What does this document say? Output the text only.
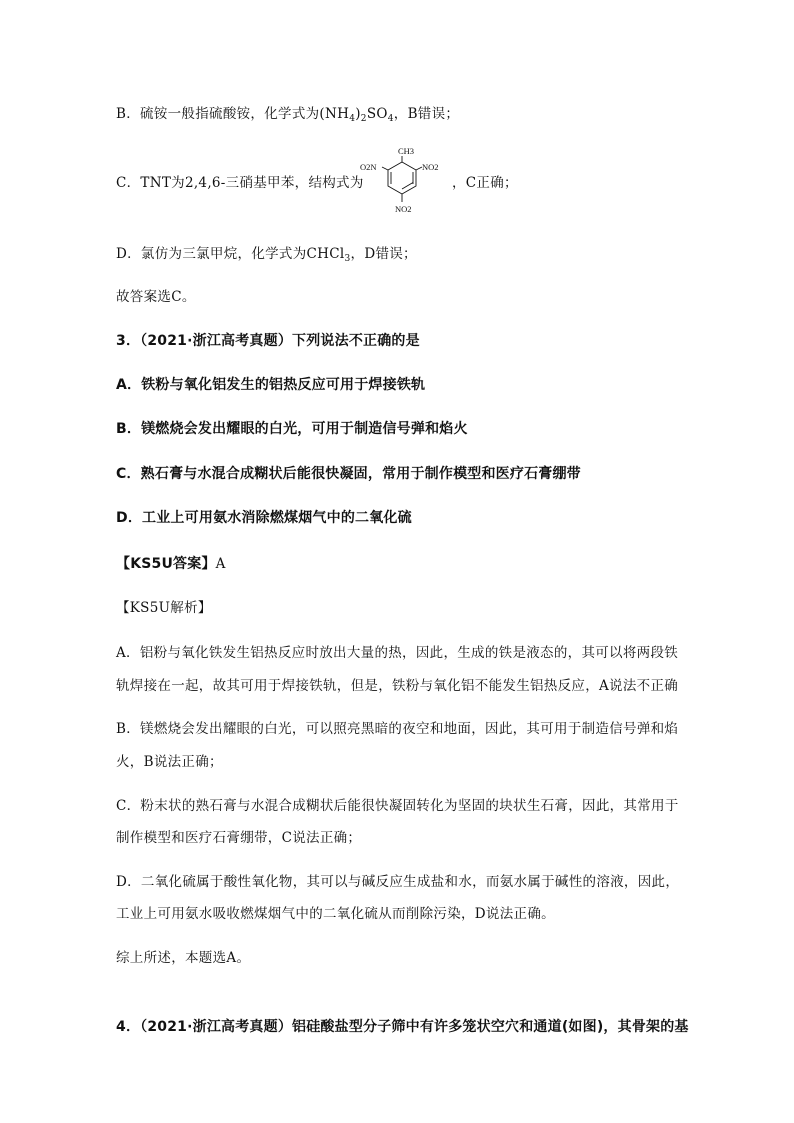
B．硫铵一般指硫酸铵，化学式为$(NH_4)_2SO_4$，B错误；

C．TNT为2,4,6-三硝基甲苯，结构式为

CH3
O2N	NO2
NO2
，C正确；

D．氯仿为三氯甲烷，化学式为CHCl$_3$，D错误；

故答案选C。

3．（2021·浙江高考真题）下列说法不正确的是

A．铁粉与氧化铝发生的铝热反应可用于焊接铁轨

B．镁燃烧会发出耀眼的白光，可用于制造信号弹和焰火

C．熟石膏与水混合成糊状后能很快凝固，常用于制作模型和医疗石膏绷带

D．工业上可用氨水消除燃煤烟气中的二氧化硫

【KS5U答案】A

【KS5U解析】

A．铝粉与氧化铁发生铝热反应时放出大量的热，因此，生成的铁是液态的，其可以将两段铁

轨焊接在一起，故其可用于焊接铁轨，但是，铁粉与氧化铝不能发生铝热反应，A说法不正确

B．镁燃烧会发出耀眼的白光，可以照亮黑暗的夜空和地面，因此，其可用于制造信号弹和焰

火，B说法正确；

C．粉末状的熟石膏与水混合成糊状后能很快凝固转化为坚固的块状生石膏，因此，其常用于

制作模型和医疗石膏绷带，C说法正确；

D．二氧化硫属于酸性氧化物，其可以与碱反应生成盐和水，而氨水属于碱性的溶液，因此，

工业上可用氨水吸收燃煤烟气中的二氧化硫从而削除污染，D说法正确。

综上所述，本题选A。

4．（2021·浙江高考真题）铝硅酸盐型分子筛中有许多笼状空穴和通道(如图)，其骨架的基
